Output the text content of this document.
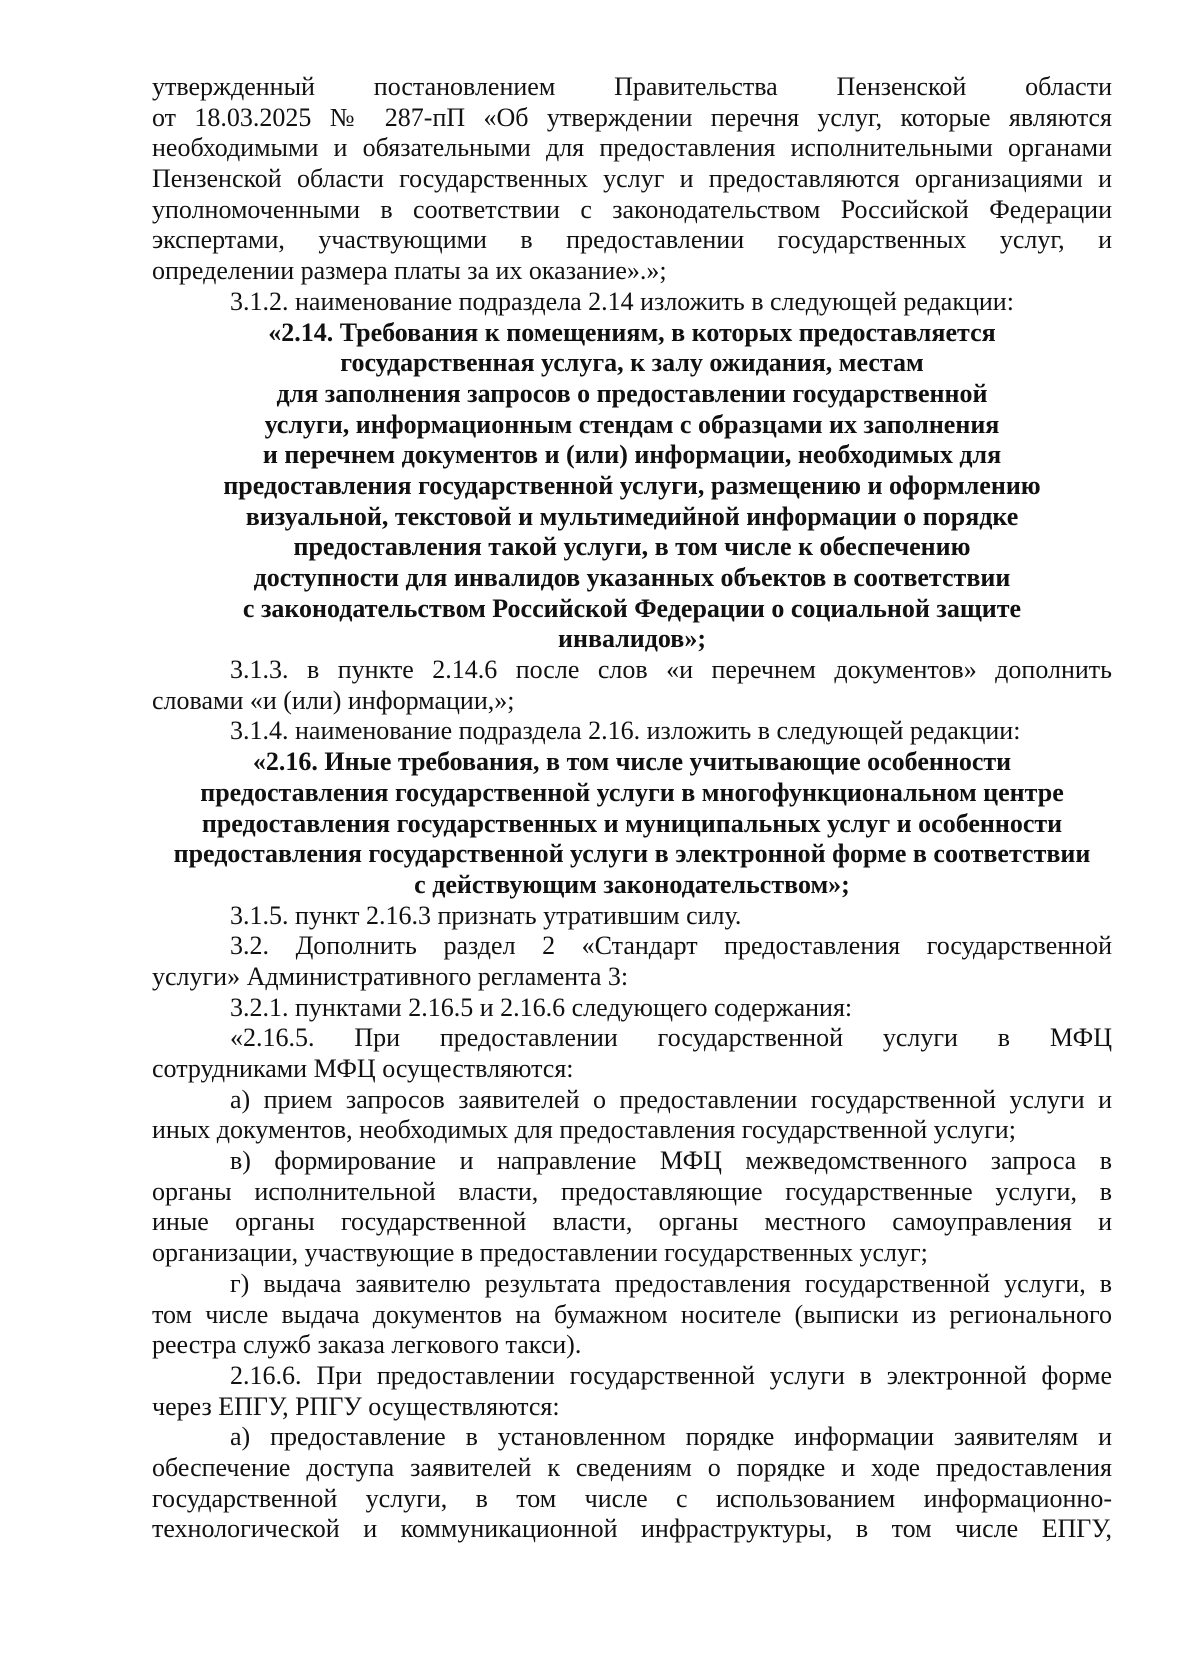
утвержденный постановлением Правительства Пензенской области
от 18.03.2025 № 287-пП «Об утверждении перечня услуг, которые являются
необходимыми и обязательными для предоставления исполнительными органами
Пензенской области государственных услуг и предоставляются организациями и
уполномоченными в соответствии с законодательством Российской Федерации
экспертами, участвующими в предоставлении государственных услуг, и
определении размера платы за их оказание».»;
3.1.2. наименование подраздела 2.14 изложить в следующей редакции:
«2.14. Требования к помещениям, в которых предоставляется
государственная услуга, к залу ожидания, местам
для заполнения запросов о предоставлении государственной
услуги, информационным стендам с образцами их заполнения
и перечнем документов и (или) информации, необходимых для
предоставления государственной услуги, размещению и оформлению
визуальной, текстовой и мультимедийной информации о порядке
предоставления такой услуги, в том числе к обеспечению
доступности для инвалидов указанных объектов в соответствии
с законодательством Российской Федерации о социальной защите
инвалидов»;
3.1.3. в пункте 2.14.6 после слов «и перечнем документов» дополнить
словами «и (или) информации,»;
3.1.4. наименование подраздела 2.16. изложить в следующей редакции:
«2.16. Иные требования, в том числе учитывающие особенности
предоставления государственной услуги в многофункциональном центре
предоставления государственных и муниципальных услуг и особенности
предоставления государственной услуги в электронной форме в соответствии
с действующим законодательством»;
3.1.5. пункт 2.16.3 признать утратившим силу.
3.2. Дополнить раздел 2 «Стандарт предоставления государственной
услуги» Административного регламента 3:
3.2.1. пунктами 2.16.5 и 2.16.6 следующего содержания:
«2.16.5. При предоставлении государственной услуги в МФЦ
сотрудниками МФЦ осуществляются:
а) прием запросов заявителей о предоставлении государственной услуги и
иных документов, необходимых для предоставления государственной услуги;
в) формирование и направление МФЦ межведомственного запроса в
органы исполнительной власти, предоставляющие государственные услуги, в
иные органы государственной власти, органы местного самоуправления и
организации, участвующие в предоставлении государственных услуг;
г) выдача заявителю результата предоставления государственной услуги, в
том числе выдача документов на бумажном носителе (выписки из регионального
реестра служб заказа легкового такси).
2.16.6. При предоставлении государственной услуги в электронной форме
через ЕПГУ, РПГУ осуществляются:
а) предоставление в установленном порядке информации заявителям и
обеспечение доступа заявителей к сведениям о порядке и ходе предоставления
государственной услуги, в том числе с использованием информационно-
технологической и коммуникационной инфраструктуры, в том числе ЕПГУ,
